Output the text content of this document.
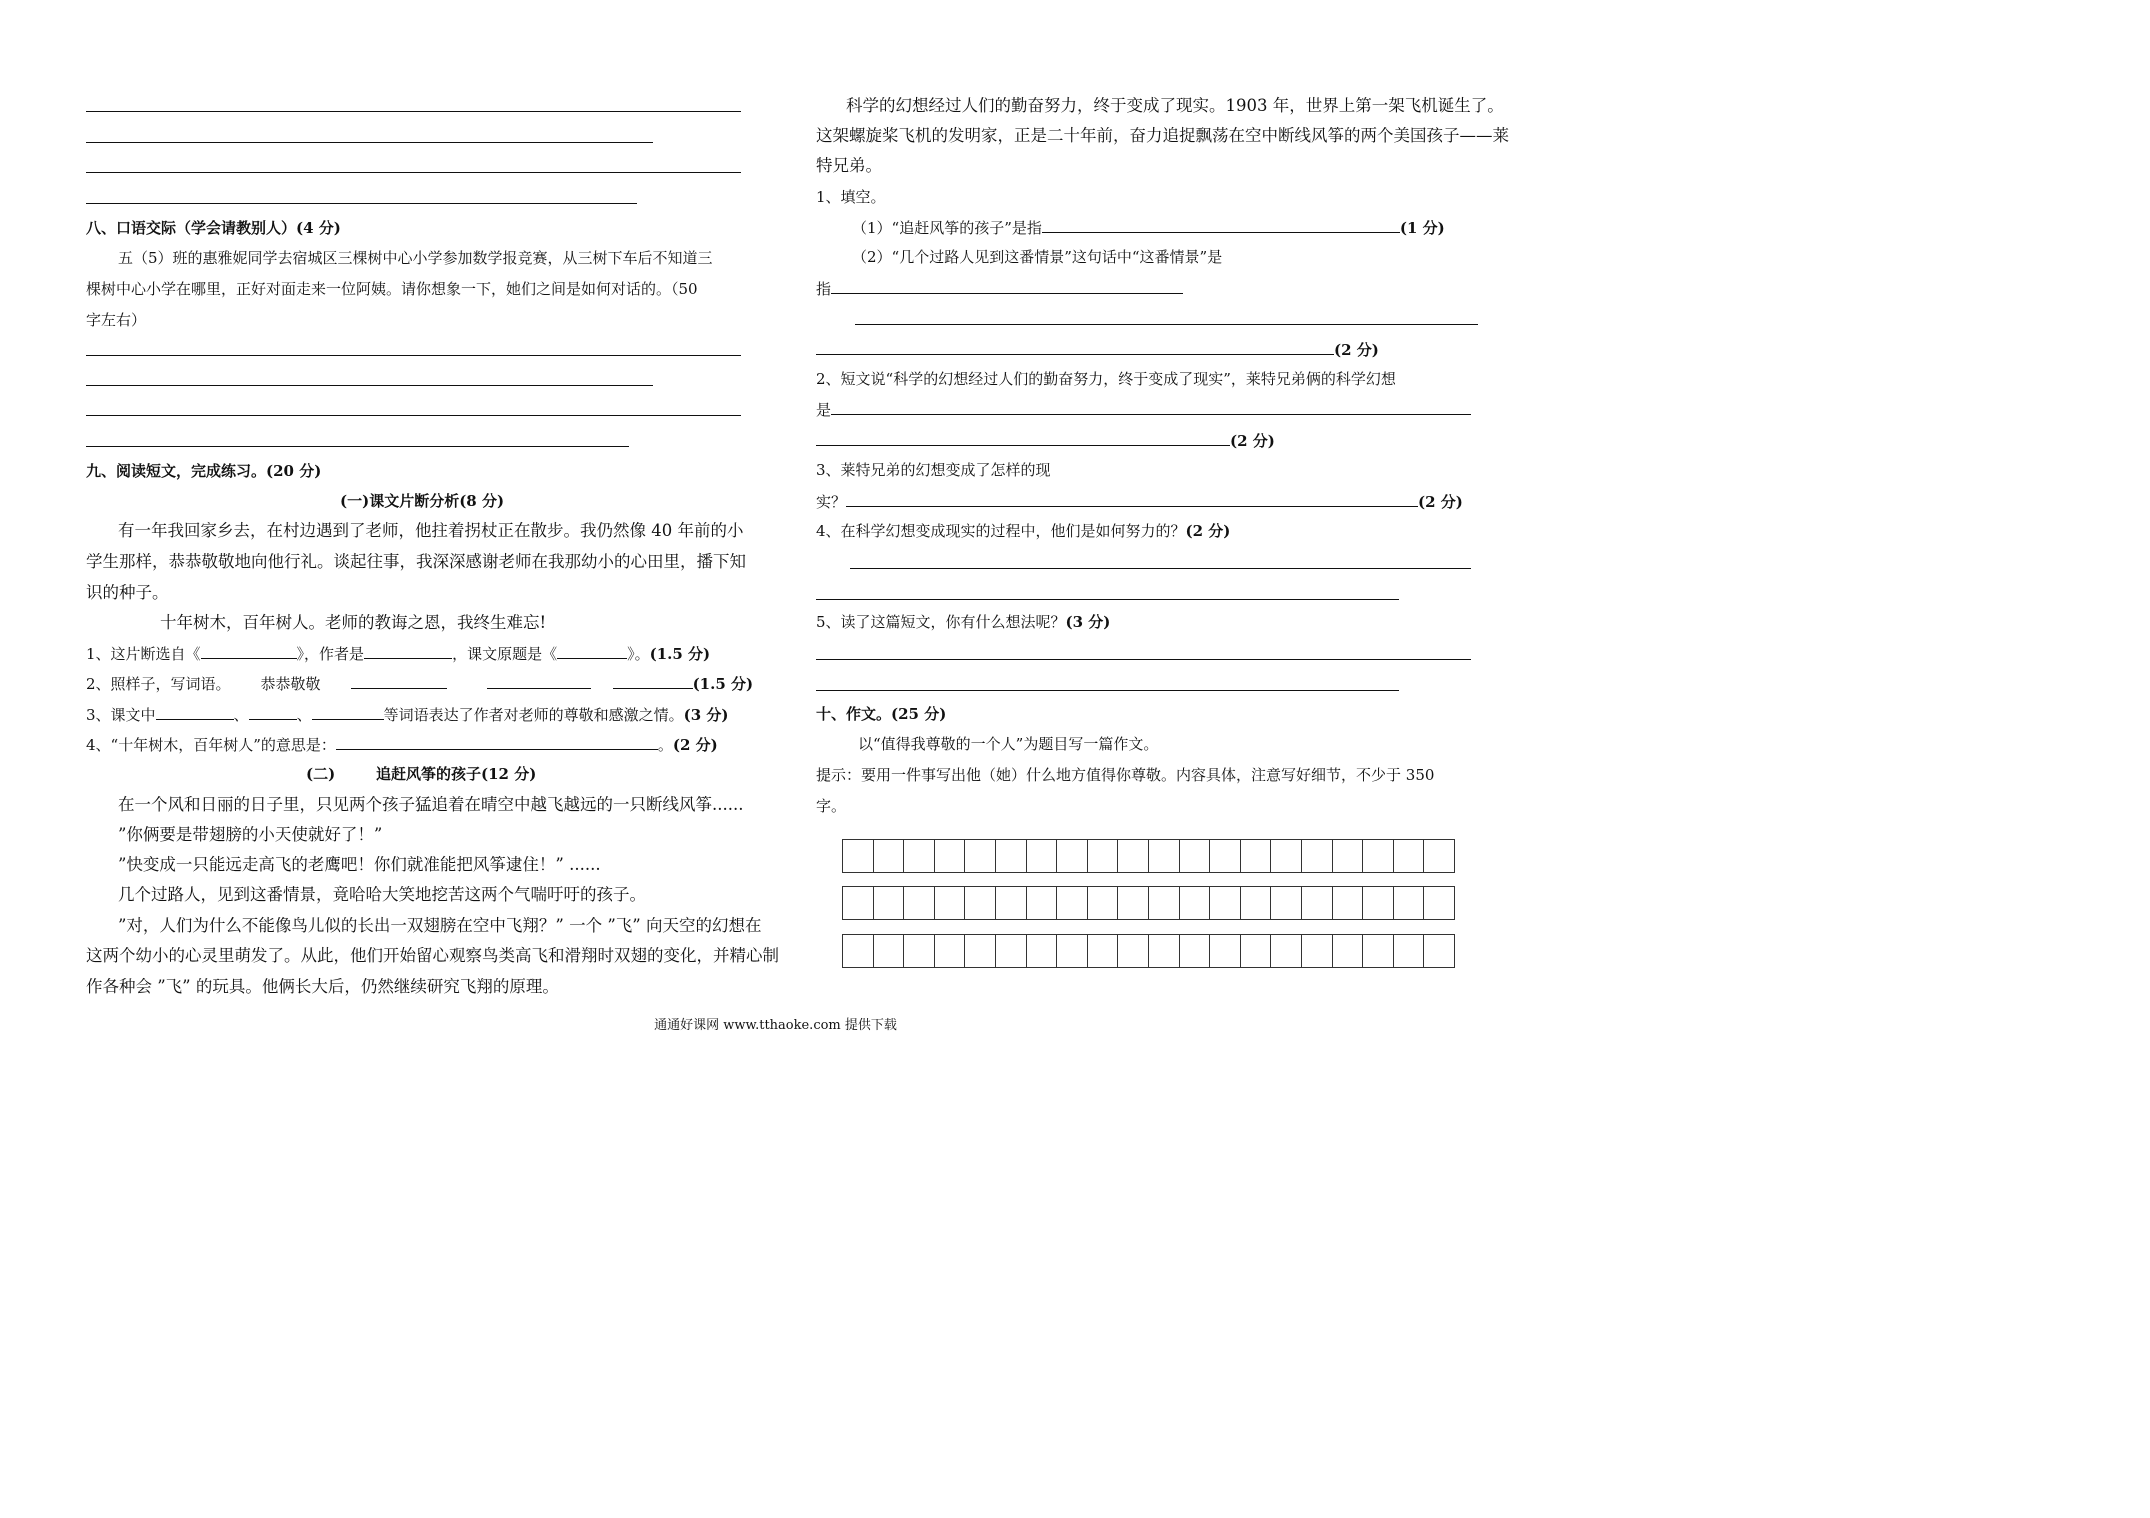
八、口语交际（学会请教别人）(4 分)
五（5）班的惠雅妮同学去宿城区三棵树中心小学参加数学报竞赛，从三树下车后不知道三
棵树中心小学在哪里，正好对面走来一位阿姨。请你想象一下，她们之间是如何对话的。（50
字左右）
九、阅读短文，完成练习。(20 分)
(一)课文片断分析(8 分)
有一年我回家乡去，在村边遇到了老师，他拄着拐杖正在散步。我仍然像 40 年前的小
学生那样，恭恭敬敬地向他行礼。谈起往事，我深深感谢老师在我那幼小的心田里，播下知
识的种子。
十年树木，百年树人。老师的教诲之恩，我终生难忘!
1、这片断选自《	》，作者是	，课文原题是《	》。(1.5 分)
2、照样子，写词语。 恭恭敬敬	(1.5 分)
3、课文中	、	、	等词语表达了作者对老师的尊敬和感激之情。(3 分)
4、“十年树木，百年树人”的意思是：	。(2 分)
(二)	追赶风筝的孩子(12 分)
在一个风和日丽的日子里，只见两个孩子猛追着在晴空中越飞越远的一只断线风筝......
”你俩要是带翅膀的小天使就好了！”
”快变成一只能远走高飞的老鹰吧！你们就准能把风筝逮住！” ......
几个过路人，见到这番情景，竟哈哈大笑地挖苦这两个气喘吁吁的孩子。
”对，人们为什么不能像鸟儿似的长出一双翅膀在空中飞翔？” 一个 ”飞” 向天空的幻想在
这两个幼小的心灵里萌发了。从此，他们开始留心观察鸟类高飞和滑翔时双翅的变化，并精心制
作各种会 ”飞” 的玩具。他俩长大后，仍然继续研究飞翔的原理。
科学的幻想经过人们的勤奋努力，终于变成了现实。1903 年，世界上第一架飞机诞生了。
这架螺旋桨飞机的发明家，正是二十年前，奋力追捉飘荡在空中断线风筝的两个美国孩子——莱
特兄弟。
1、填空。
（1）“追赶风筝的孩子”是指	(1 分)
（2）“几个过路人见到这番情景”这句话中“这番情景”是
指
(2 分)
2、短文说“科学的幻想经过人们的勤奋努力，终于变成了现实”，莱特兄弟俩的科学幻想
是
(2 分)
3、莱特兄弟的幻想变成了怎样的现
实？	(2 分)
4、在科学幻想变成现实的过程中，他们是如何努力的？(2 分)
5、读了这篇短文，你有什么想法呢？(3 分)
十、作文。(25 分)
以“值得我尊敬的一个人”为题目写一篇作文。
提示：要用一件事写出他（她）什么地方值得你尊敬。内容具体，注意写好细节，不少于 350
字。

通通好课网 www.tthaoke.com 提供下载
